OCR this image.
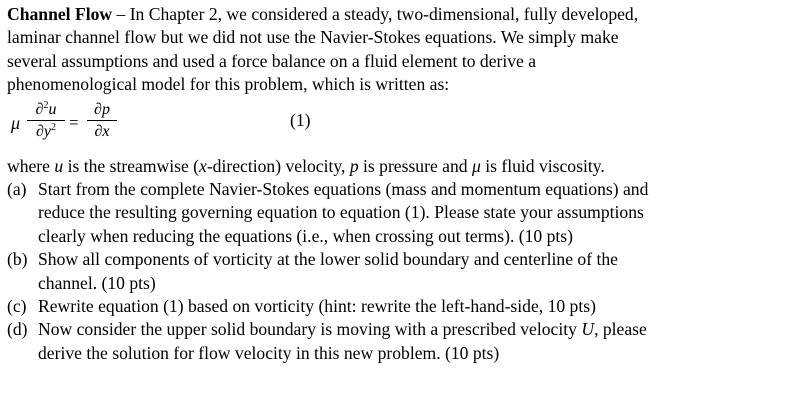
Channel Flow – In Chapter 2, we considered a steady, two-dimensional, fully developed,
laminar channel flow but we did not use the Navier-Stokes equations. We simply make
several assumptions and used a force balance on a fluid element to derive a
phenomenological model for this problem, which is written as:
μ
∂$^2$u
$\partial y^2$ =
∂p
∂x
(1)
where u is the streamwise (x-direction) velocity, p is pressure and μ is fluid viscosity.
(a) Start from the complete Navier-Stokes equations (mass and momentum equations) and
reduce the resulting governing equation to equation (1). Please state your assumptions
clearly when reducing the equations (i.e., when crossing out terms). (10 pts)
(b) Show all components of vorticity at the lower solid boundary and centerline of the
channel. (10 pts)
(c) Rewrite equation (1) based on vorticity (hint: rewrite the left-hand-side, 10 pts)
(d) Now consider the upper solid boundary is moving with a prescribed velocity U, please
derive the solution for flow velocity in this new problem. (10 pts)
